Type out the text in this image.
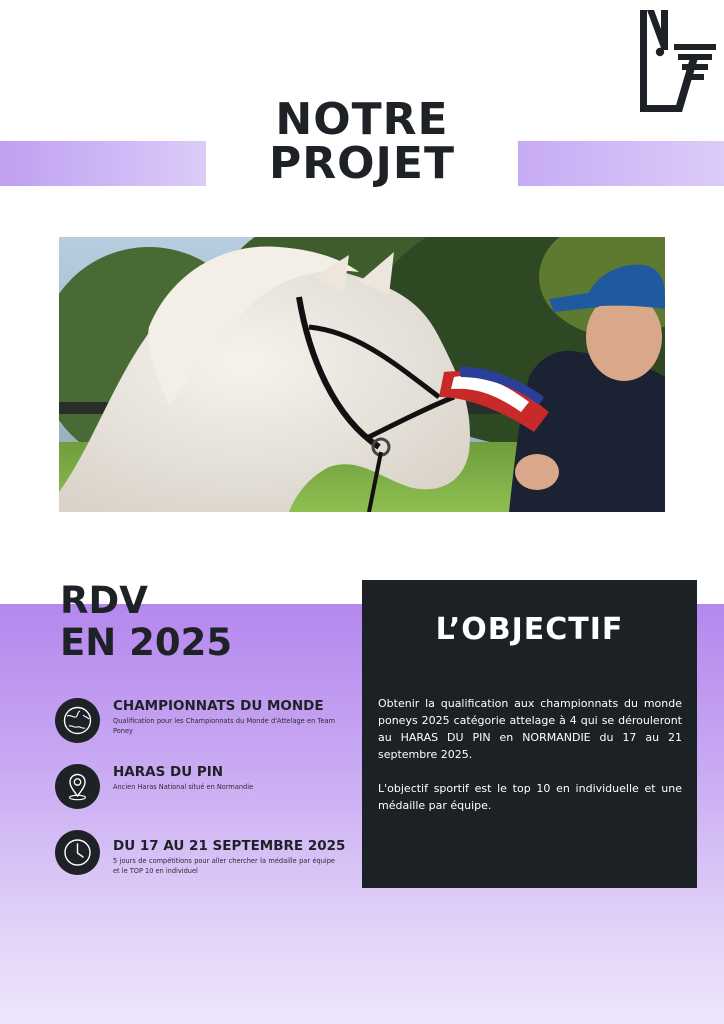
NOTRE
PROJET
RDV
EN 2025
CHAMPIONNATS DU MONDE
Qualification pour les Championnats du Monde d'Attelage en Team Poney
HARAS DU PIN
Ancien Haras National situé en Normandie
DU 17 AU 21 SEPTEMBRE 2025
5 jours de compétitions pour aller chercher la médaille par équipe et le TOP 10 en individuel
L’OBJECTIF

Obtenir la qualification aux championnats du monde poneys 2025 catégorie attelage à 4 qui se dérouleront au HARAS DU PIN en NORMANDIE du 17 au 21 septembre 2025.

L'objectif sportif est le top 10 en individuelle et une médaille par équipe.
